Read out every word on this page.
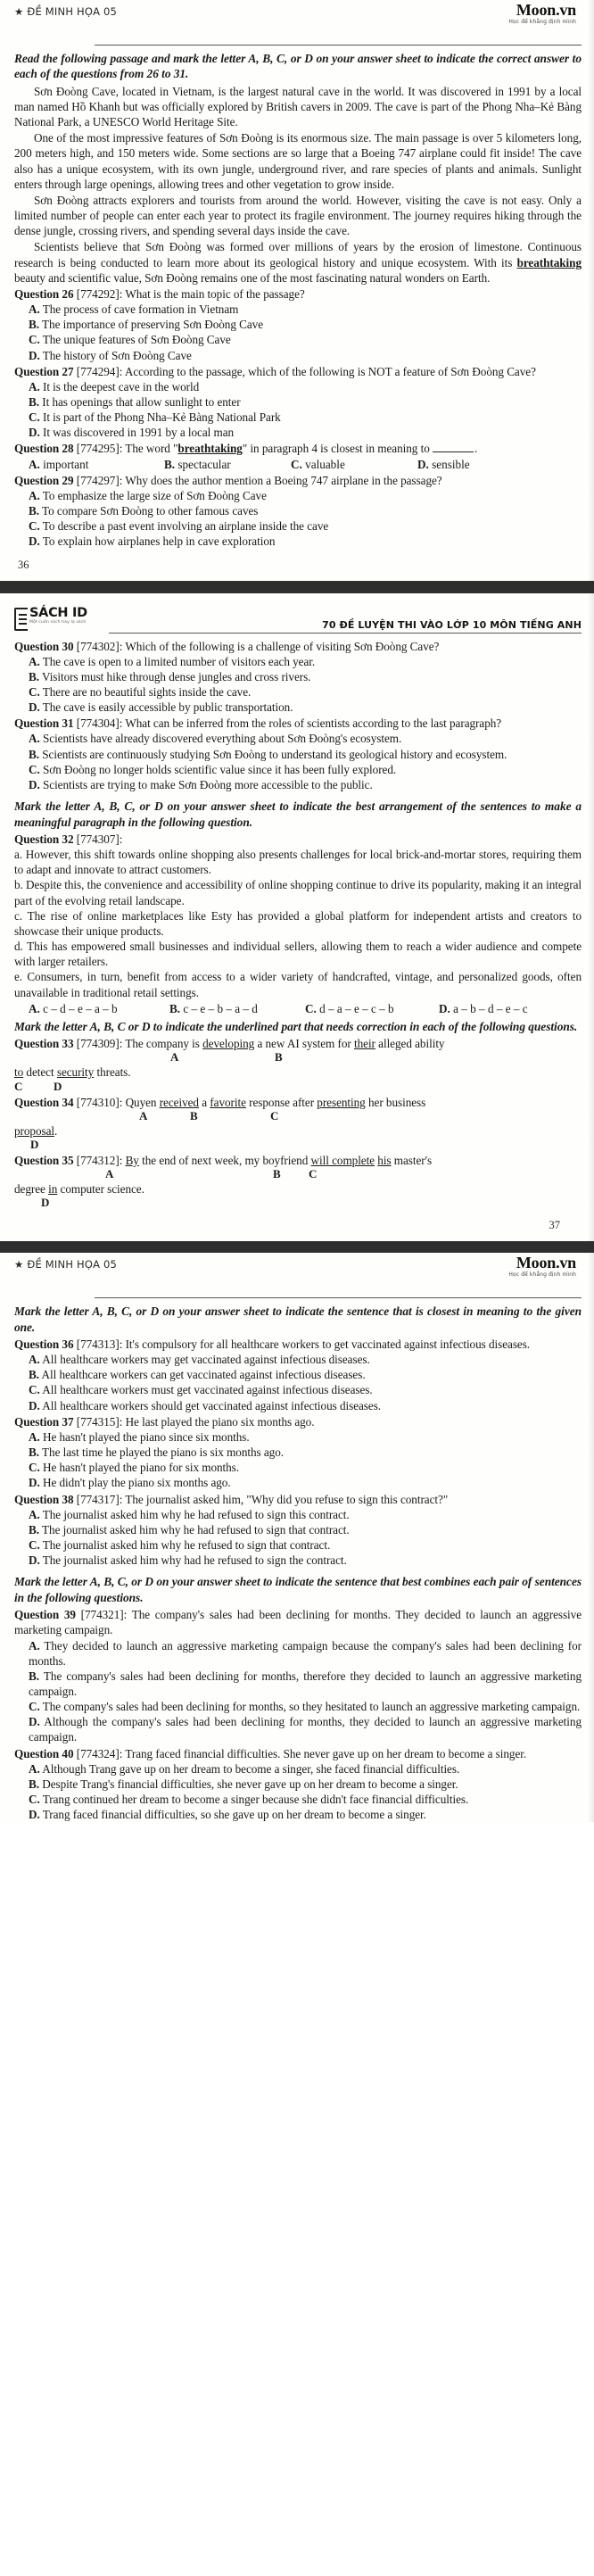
★ ĐỀ MINH HỌA 05	Moon.vn
Học để khẳng định mình
Read the following passage and mark the letter A, B, C, or D on your answer sheet to indicate the correct answer to each of the questions from 26 to 31.

Sơn Đoòng Cave, located in Vietnam, is the largest natural cave in the world. It was discovered in 1991 by a local man named Hồ Khanh but was officially explored by British cavers in 2009. The cave is part of the Phong Nha–Kẻ Bàng National Park, a UNESCO World Heritage Site.

One of the most impressive features of Sơn Đoòng is its enormous size. The main passage is over 5 kilometers long, 200 meters high, and 150 meters wide. Some sections are so large that a Boeing 747 airplane could fit inside! The cave also has a unique ecosystem, with its own jungle, underground river, and rare species of plants and animals. Sunlight enters through large openings, allowing trees and other vegetation to grow inside.

Sơn Đoòng attracts explorers and tourists from around the world. However, visiting the cave is not easy. Only a limited number of people can enter each year to protect its fragile environment. The journey requires hiking through the dense jungle, crossing rivers, and spending several days inside the cave.

Scientists believe that Sơn Đoòng was formed over millions of years by the erosion of limestone. Continuous research is being conducted to learn more about its geological history and unique ecosystem. With its breathtaking beauty and scientific value, Sơn Đoòng remains one of the most fascinating natural wonders on Earth.

Question 26 [774292]: What is the main topic of the passage?
A. The process of cave formation in Vietnam
B. The importance of preserving Sơn Đoòng Cave
C. The unique features of Sơn Đoòng Cave
D. The history of Sơn Đoòng Cave
Question 27 [774294]: According to the passage, which of the following is NOT a feature of Sơn Đoòng Cave?
A. It is the deepest cave in the world
B. It has openings that allow sunlight to enter
C. It is part of the Phong Nha–Kẻ Bàng National Park
D. It was discovered in 1991 by a local man
Question 28 [774295]: The word "breathtaking" in paragraph 4 is closest in meaning to	.
A. important	B. spectacular	C. valuable	D. sensible
Question 29 [774297]: Why does the author mention a Boeing 747 airplane in the passage?
A. To emphasize the large size of Sơn Đoòng Cave
B. To compare Sơn Đoòng to other famous caves
C. To describe a past event involving an airplane inside the cave
D. To explain how airplanes help in cave exploration
36
SÁCH ID
Một cuốn sách hay lạ sách	70 ĐỀ LUYỆN THI VÀO LỚP 10 MÔN TIẾNG ANH
Question 30 [774302]: Which of the following is a challenge of visiting Sơn Đoòng Cave?
A. The cave is open to a limited number of visitors each year.
B. Visitors must hike through dense jungles and cross rivers.
C. There are no beautiful sights inside the cave.
D. The cave is easily accessible by public transportation.
Question 31 [774304]: What can be inferred from the roles of scientists according to the last paragraph?
A. Scientists have already discovered everything about Sơn Đoòng's ecosystem.
B. Scientists are continuously studying Sơn Đoòng to understand its geological history and ecosystem.
C. Sơn Đoòng no longer holds scientific value since it has been fully explored.
D. Scientists are trying to make Sơn Đoòng more accessible to the public.
Mark the letter A, B, C, or D on your answer sheet to indicate the best arrangement of the sentences to make a meaningful paragraph in the following question.
Question 32 [774307]:
a. However, this shift towards online shopping also presents challenges for local brick-and-mortar stores, requiring them to adapt and innovate to attract customers.
b. Despite this, the convenience and accessibility of online shopping continue to drive its popularity, making it an integral part of the evolving retail landscape.
c. The rise of online marketplaces like Esty has provided a global platform for independent artists and creators to showcase their unique products.
d. This has empowered small businesses and individual sellers, allowing them to reach a wider audience and compete with larger retailers.
e. Consumers, in turn, benefit from access to a wider variety of handcrafted, vintage, and personalized goods, often unavailable in traditional retail settings.
A. c – d – e – a – b	B. c – e – b – a – d	C. d – a – e – c – b	D. a – b – d – e – c
Mark the letter A, B, C or D to indicate the underlined part that needs correction in each of the following questions.
Question 33 [774309]: The company is developing a new AI system for their alleged ability
A	B
to detect security threats.
C	D
Question 34 [774310]: Quyen received a favorite response after presenting her business
A	B	C
proposal.
D
Question 35 [774312]: By the end of next week, my boyfriend will complete his master's
A	B C
degree in computer science.
D
37
★ ĐỀ MINH HỌA 05	Moon.vn
Học để khẳng định mình
Mark the letter A, B, C, or D on your answer sheet to indicate the sentence that is closest in meaning to the given one.
Question 36 [774313]: It's compulsory for all healthcare workers to get vaccinated against infectious diseases.
A. All healthcare workers may get vaccinated against infectious diseases.
B. All healthcare workers can get vaccinated against infectious diseases.
C. All healthcare workers must get vaccinated against infectious diseases.
D. All healthcare workers should get vaccinated against infectious diseases.
Question 37 [774315]: He last played the piano six months ago.
A. He hasn't played the piano since six months.
B. The last time he played the piano is six months ago.
C. He hasn't played the piano for six months.
D. He didn't play the piano six months ago.
Question 38 [774317]: The journalist asked him, "Why did you refuse to sign this contract?"
A. The journalist asked him why he had refused to sign this contract.
B. The journalist asked him why he had refused to sign that contract.
C. The journalist asked him why he refused to sign that contract.
D. The journalist asked him why had he refused to sign the contract.
Mark the letter A, B, C, or D on your answer sheet to indicate the sentence that best combines each pair of sentences in the following questions.
Question 39 [774321]: The company's sales had been declining for months. They decided to launch an aggressive marketing campaign.
A. They decided to launch an aggressive marketing campaign because the company's sales had been declining for months.
B. The company's sales had been declining for months, therefore they decided to launch an aggressive marketing campaign.
C. The company's sales had been declining for months, so they hesitated to launch an aggressive marketing campaign.
D. Although the company's sales had been declining for months, they decided to launch an aggressive marketing campaign.
Question 40 [774324]: Trang faced financial difficulties. She never gave up on her dream to become a singer.
A. Although Trang gave up on her dream to become a singer, she faced financial difficulties.
B. Despite Trang's financial difficulties, she never gave up on her dream to become a singer.
C. Trang continued her dream to become a singer because she didn't face financial difficulties.
D. Trang faced financial difficulties, so she gave up on her dream to become a singer.
